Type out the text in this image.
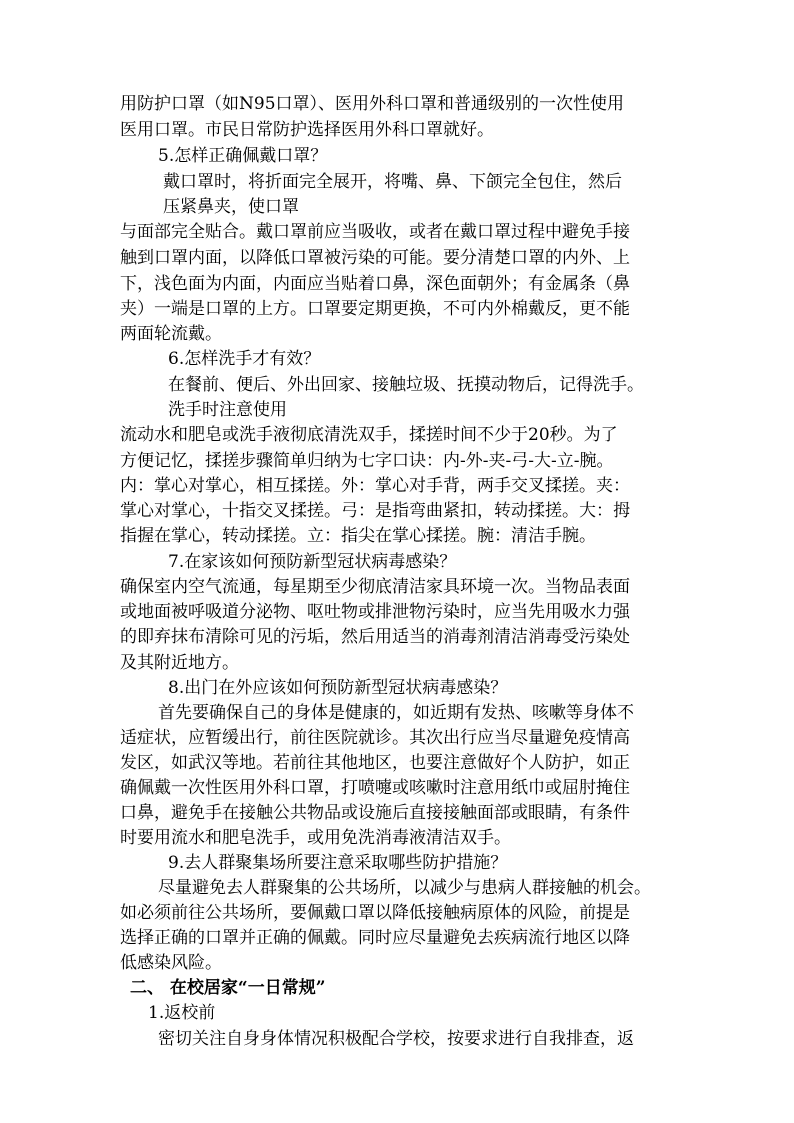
用防护口罩（如N95口罩）、医用外科口罩和普通级别的一次性使用
医用口罩。市民日常防护选择医用外科口罩就好。
5.怎样正确佩戴口罩？
戴口罩时，将折面完全展开，将嘴、鼻、下颌完全包住，然后
压紧鼻夹，使口罩
与面部完全贴合。戴口罩前应当吸收，或者在戴口罩过程中避免手接
触到口罩内面，以降低口罩被污染的可能。要分清楚口罩的内外、上
下，浅色面为内面，内面应当贴着口鼻，深色面朝外；有金属条（鼻
夹）一端是口罩的上方。口罩要定期更换，不可内外棉戴反，更不能
两面轮流戴。
6.怎样洗手才有效？
在餐前、便后、外出回家、接触垃圾、抚摸动物后，记得洗手。
洗手时注意使用
流动水和肥皂或洗手液彻底清洗双手，揉搓时间不少于20秒。为了
方便记忆，揉搓步骤简单归纳为七字口诀：内-外-夹-弓-大-立-腕。
内：掌心对掌心，相互揉搓。外：掌心对手背，两手交叉揉搓。夹：
掌心对掌心，十指交叉揉搓。弓：是指弯曲紧扣，转动揉搓。大：拇
指握在掌心，转动揉搓。立：指尖在掌心揉搓。腕：清洁手腕。
7.在家该如何预防新型冠状病毒感染？
确保室内空气流通，每星期至少彻底清洁家具环境一次。当物品表面
或地面被呼吸道分泌物、呕吐物或排泄物污染时，应当先用吸水力强
的即弃抹布清除可见的污垢，然后用适当的消毒剂清洁消毒受污染处
及其附近地方。
8.出门在外应该如何预防新型冠状病毒感染？
首先要确保自己的身体是健康的，如近期有发热、咳嗽等身体不
适症状，应暂缓出行，前往医院就诊。其次出行应当尽量避免疫情高
发区，如武汉等地。若前往其他地区，也要注意做好个人防护，如正
确佩戴一次性医用外科口罩，打喷嚏或咳嗽时注意用纸巾或屈肘掩住
口鼻，避免手在接触公共物品或设施后直接接触面部或眼睛，有条件
时要用流水和肥皂洗手，或用免洗消毒液清洁双手。
9.去人群聚集场所要注意采取哪些防护措施？
尽量避免去人群聚集的公共场所，以减少与患病人群接触的机会。
如必须前往公共场所，要佩戴口罩以降低接触病原体的风险，前提是
选择正确的口罩并正确的佩戴。同时应尽量避免去疾病流行地区以降
低感染风险。
二、 在校居家“一日常规”
1.返校前
密切关注自身身体情况积极配合学校，按要求进行自我排查，返
